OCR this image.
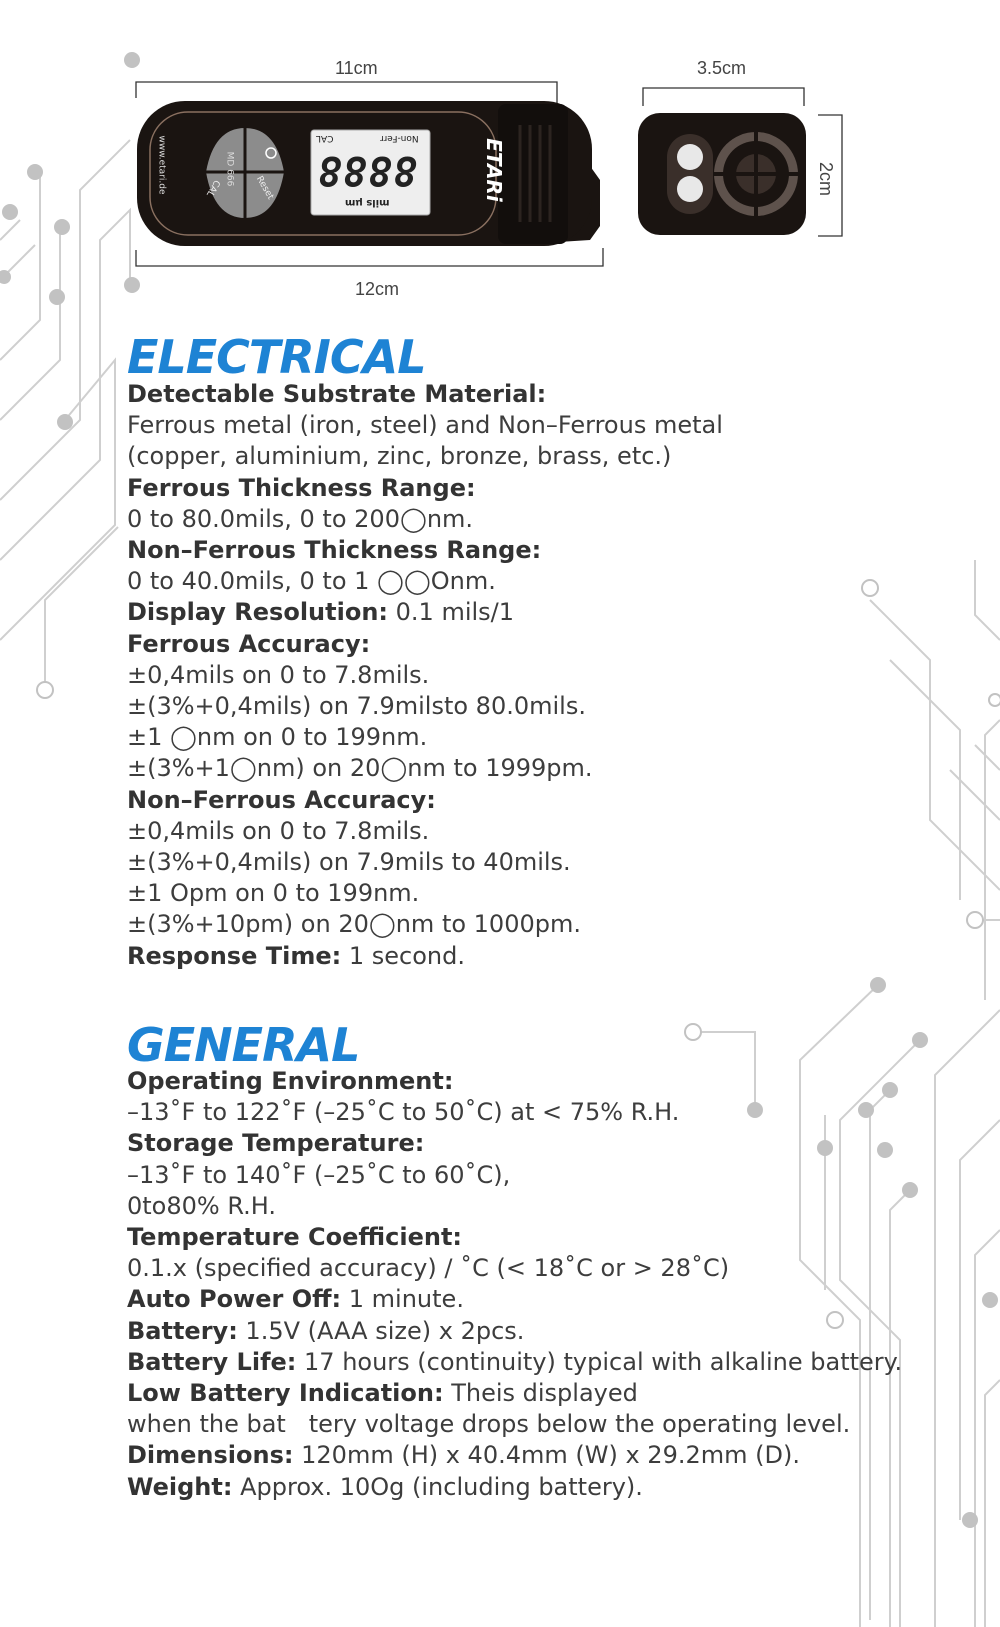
11cm
12cm
3.5cm
2cm
ETARi
www.etari.de	MD 666 8888
Non-Ferr
CAL
mils μm
CAL	Reset
ELECTRICAL

Detectable Substrate Material:

Ferrous metal (iron, steel) and Non–Ferrous metal

(copper, aluminium, zinc, bronze, brass, etc.)

Ferrous Thickness Range:

0 to 80.0mils, 0 to 200◯nm.

Non–Ferrous Thickness Range:

0 to 40.0mils, 0 to 1 ◯◯Onm.

Display Resolution: 0.1 mils/1

Ferrous Accuracy:

±0,4mils on 0 to 7.8mils.

±(3%+0,4mils) on 7.9milsto 80.0mils.

±1 ◯nm on 0 to 199nm.

±(3%+1◯nm) on 20◯nm to 1999pm.

Non–Ferrous Accuracy:

±0,4mils on 0 to 7.8mils.

±(3%+0,4mils) on 7.9mils to 40mils.

±1 Opm on 0 to 199nm.

±(3%+10pm) on 20◯nm to 1000pm.

Response Time: 1 second.

GENERAL

Operating Environment:

–13˚F to 122˚F (–25˚C to 50˚C) at < 75% R.H.

Storage Temperature:

–13˚F to 140˚F (–25˚C to 60˚C),

0to80% R.H.

Temperature Coefficient:

0.1.x (specified accuracy) / ˚C (< 18˚C or > 28˚C)

Auto Power Off: 1 minute.

Battery: 1.5V (AAA size) x 2pcs.

Battery Life: 17 hours (continuity) typical with alkaline battery.

Low Battery Indication: Theis displayed

when the bat   tery voltage drops below the operating level.

Dimensions: 120mm (H) x 40.4mm (W) x 29.2mm (D).

Weight: Approx. 10Og (including battery).
